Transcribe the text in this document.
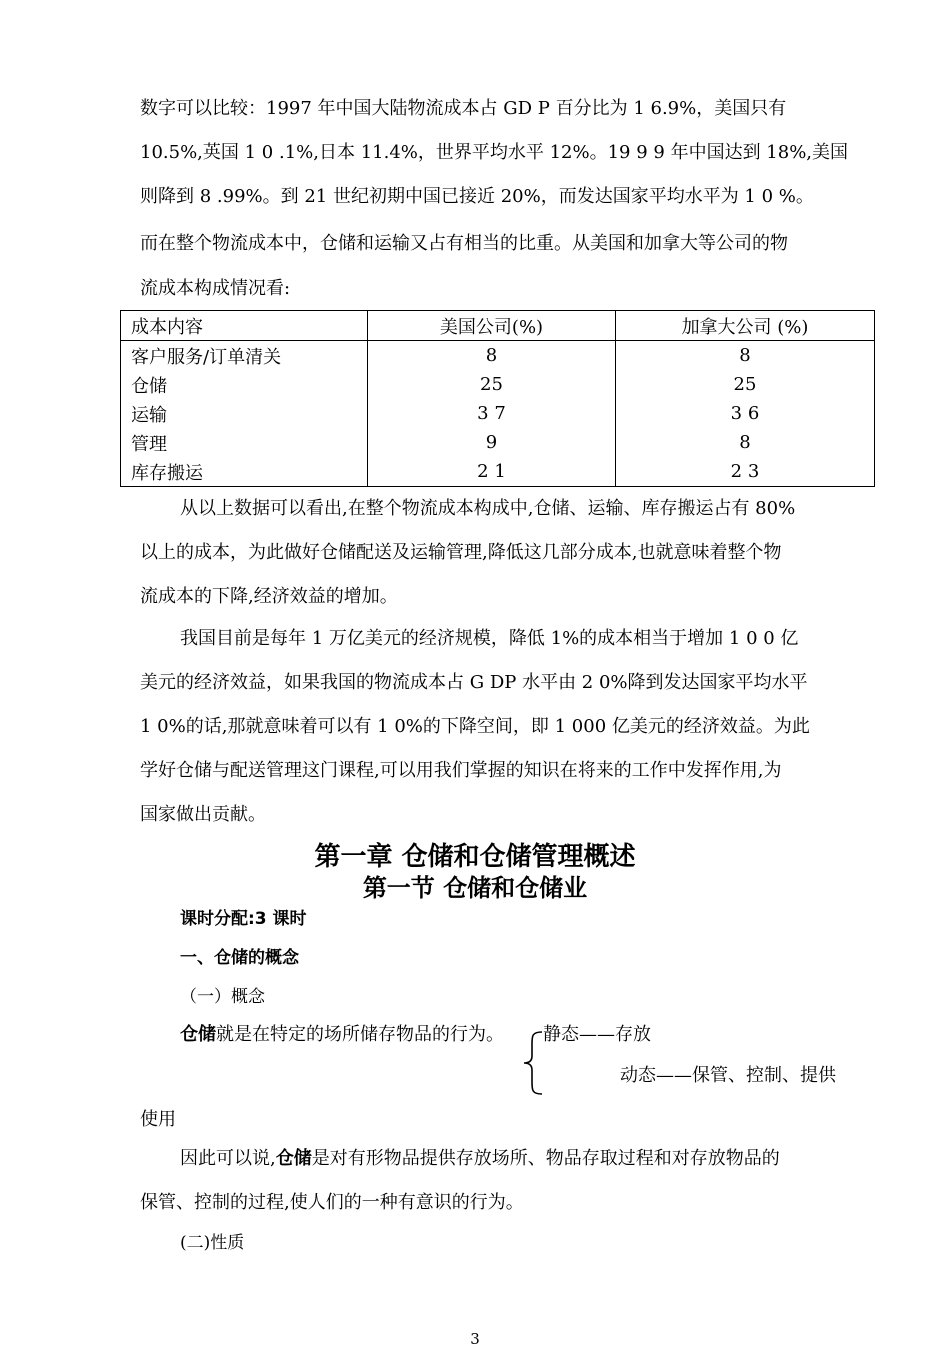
数字可以比较：1997 年中国大陆物流成本占 GD P 百分比为 1 6.9%，美国只有

10.5%,英国 1 0 .1%,日本 11.4%，世界平均水平 12%。19 9 9 年中国达到 18%,美国

则降到 8 .99%。到 21 世纪初期中国已接近 20%，而发达国家平均水平为 1 0 %。

而在整个物流成本中，仓储和运输又占有相当的比重。从美国和加拿大等公司的物

流成本构成情况看:

成本内容	美国公司(%)	加拿大公司 (%)
客户服务/订单清关	8	8
仓储	25	25
运输	3 7	3 6
管理	9	8
库存搬运	2 1	2 3

从以上数据可以看出,在整个物流成本构成中,仓储、运输、库存搬运占有 80%

以上的成本，为此做好仓储配送及运输管理,降低这几部分成本,也就意味着整个物

流成本的下降,经济效益的增加。

我国目前是每年 1 万亿美元的经济规模，降低 1%的成本相当于增加 1 0 0 亿

美元的经济效益，如果我国的物流成本占 G DP 水平由 2 0%降到发达国家平均水平

1 0%的话,那就意味着可以有 1 0%的下降空间，即 1 000 亿美元的经济效益。为此

学好仓储与配送管理这门课程,可以用我们掌握的知识在将来的工作中发挥作用,为

国家做出贡献。

第一章 仓储和仓储管理概述

第一节 仓储和仓储业

课时分配:3 课时

一、仓储的概念

（一）概念

仓储就是在特定的场所储存物品的行为。 静态——存放

动态——保管、控制、提供

使用

因此可以说,仓储是对有形物品提供存放场所、物品存取过程和对存放物品的

保管、控制的过程,使人们的一种有意识的行为。

(二)性质

3
